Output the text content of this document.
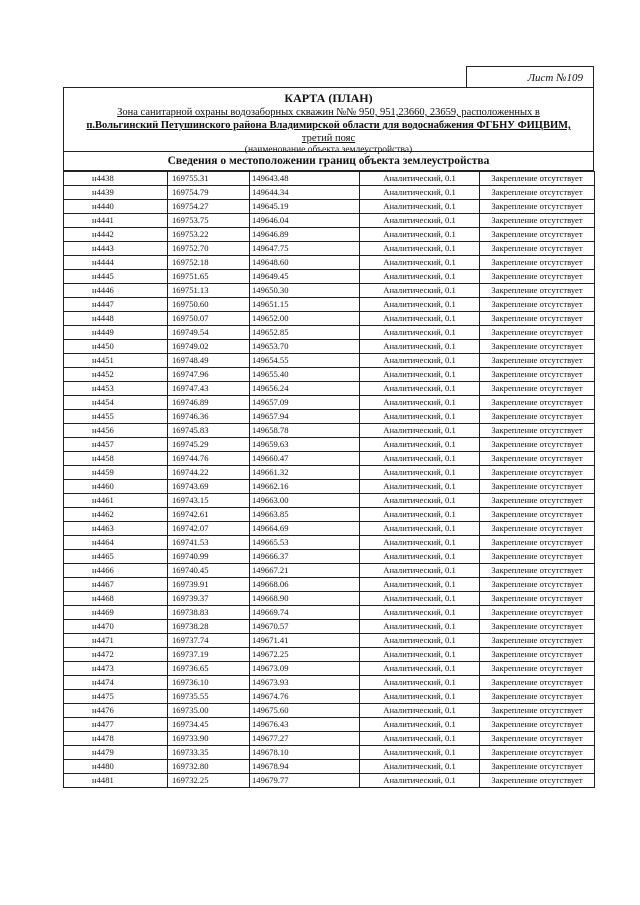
Лист №109
КАРТА (ПЛАН)
Зона санитарной охраны водозаборных скважин №№ 950, 951,23660, 23659, расположенных в
п.Вольгинский Петушинского района Владимирской области для водоснабжения ФГБНУ ФИЦВИМ,
третий пояс
(наименование объекта землеустройства)
Сведения о местоположении границ объекта землеустройства
н4438	169755.31	149643.48	Аналитический, 0.1	Закрепление отсутствует
н4439	169754.79	149644.34	Аналитический, 0.1	Закрепление отсутствует
н4440	169754.27	149645.19	Аналитический, 0.1	Закрепление отсутствует
н4441	169753.75	149646.04	Аналитический, 0.1	Закрепление отсутствует
н4442	169753.22	149646.89	Аналитический, 0.1	Закрепление отсутствует
н4443	169752.70	149647.75	Аналитический, 0.1	Закрепление отсутствует
н4444	169752.18	149648.60	Аналитический, 0.1	Закрепление отсутствует
н4445	169751.65	149649.45	Аналитический, 0.1	Закрепление отсутствует
н4446	169751.13	149650.30	Аналитический, 0.1	Закрепление отсутствует
н4447	169750.60	149651.15	Аналитический, 0.1	Закрепление отсутствует
н4448	169750.07	149652.00	Аналитический, 0.1	Закрепление отсутствует
н4449	169749.54	149652.85	Аналитический, 0.1	Закрепление отсутствует
н4450	169749.02	149653.70	Аналитический, 0.1	Закрепление отсутствует
н4451	169748.49	149654.55	Аналитический, 0.1	Закрепление отсутствует
н4452	169747.96	149655.40	Аналитический, 0.1	Закрепление отсутствует
н4453	169747.43	149656.24	Аналитический, 0.1	Закрепление отсутствует
н4454	169746.89	149657.09	Аналитический, 0.1	Закрепление отсутствует
н4455	169746.36	149657.94	Аналитический, 0.1	Закрепление отсутствует
н4456	169745.83	149658.78	Аналитический, 0.1	Закрепление отсутствует
н4457	169745.29	149659.63	Аналитический, 0.1	Закрепление отсутствует
н4458	169744.76	149660.47	Аналитический, 0.1	Закрепление отсутствует
н4459	169744.22	149661.32	Аналитический, 0.1	Закрепление отсутствует
н4460	169743.69	149662.16	Аналитический, 0.1	Закрепление отсутствует
н4461	169743.15	149663.00	Аналитический, 0.1	Закрепление отсутствует
н4462	169742.61	149663.85	Аналитический, 0.1	Закрепление отсутствует
н4463	169742.07	149664.69	Аналитический, 0.1	Закрепление отсутствует
н4464	169741.53	149665.53	Аналитический, 0.1	Закрепление отсутствует
н4465	169740.99	149666.37	Аналитический, 0.1	Закрепление отсутствует
н4466	169740.45	149667.21	Аналитический, 0.1	Закрепление отсутствует
н4467	169739.91	149668.06	Аналитический, 0.1	Закрепление отсутствует
н4468	169739.37	149668.90	Аналитический, 0.1	Закрепление отсутствует
н4469	169738.83	149669.74	Аналитический, 0.1	Закрепление отсутствует
н4470	169738.28	149670.57	Аналитический, 0.1	Закрепление отсутствует
н4471	169737.74	149671.41	Аналитический, 0.1	Закрепление отсутствует
н4472	169737.19	149672.25	Аналитический, 0.1	Закрепление отсутствует
н4473	169736.65	149673.09	Аналитический, 0.1	Закрепление отсутствует
н4474	169736.10	149673.93	Аналитический, 0.1	Закрепление отсутствует
н4475	169735.55	149674.76	Аналитический, 0.1	Закрепление отсутствует
н4476	169735.00	149675.60	Аналитический, 0.1	Закрепление отсутствует
н4477	169734.45	149676.43	Аналитический, 0.1	Закрепление отсутствует
н4478	169733.90	149677.27	Аналитический, 0.1	Закрепление отсутствует
н4479	169733.35	149678.10	Аналитический, 0.1	Закрепление отсутствует
н4480	169732.80	149678.94	Аналитический, 0.1	Закрепление отсутствует
н4481	169732.25	149679.77	Аналитический, 0.1	Закрепление отсутствует
